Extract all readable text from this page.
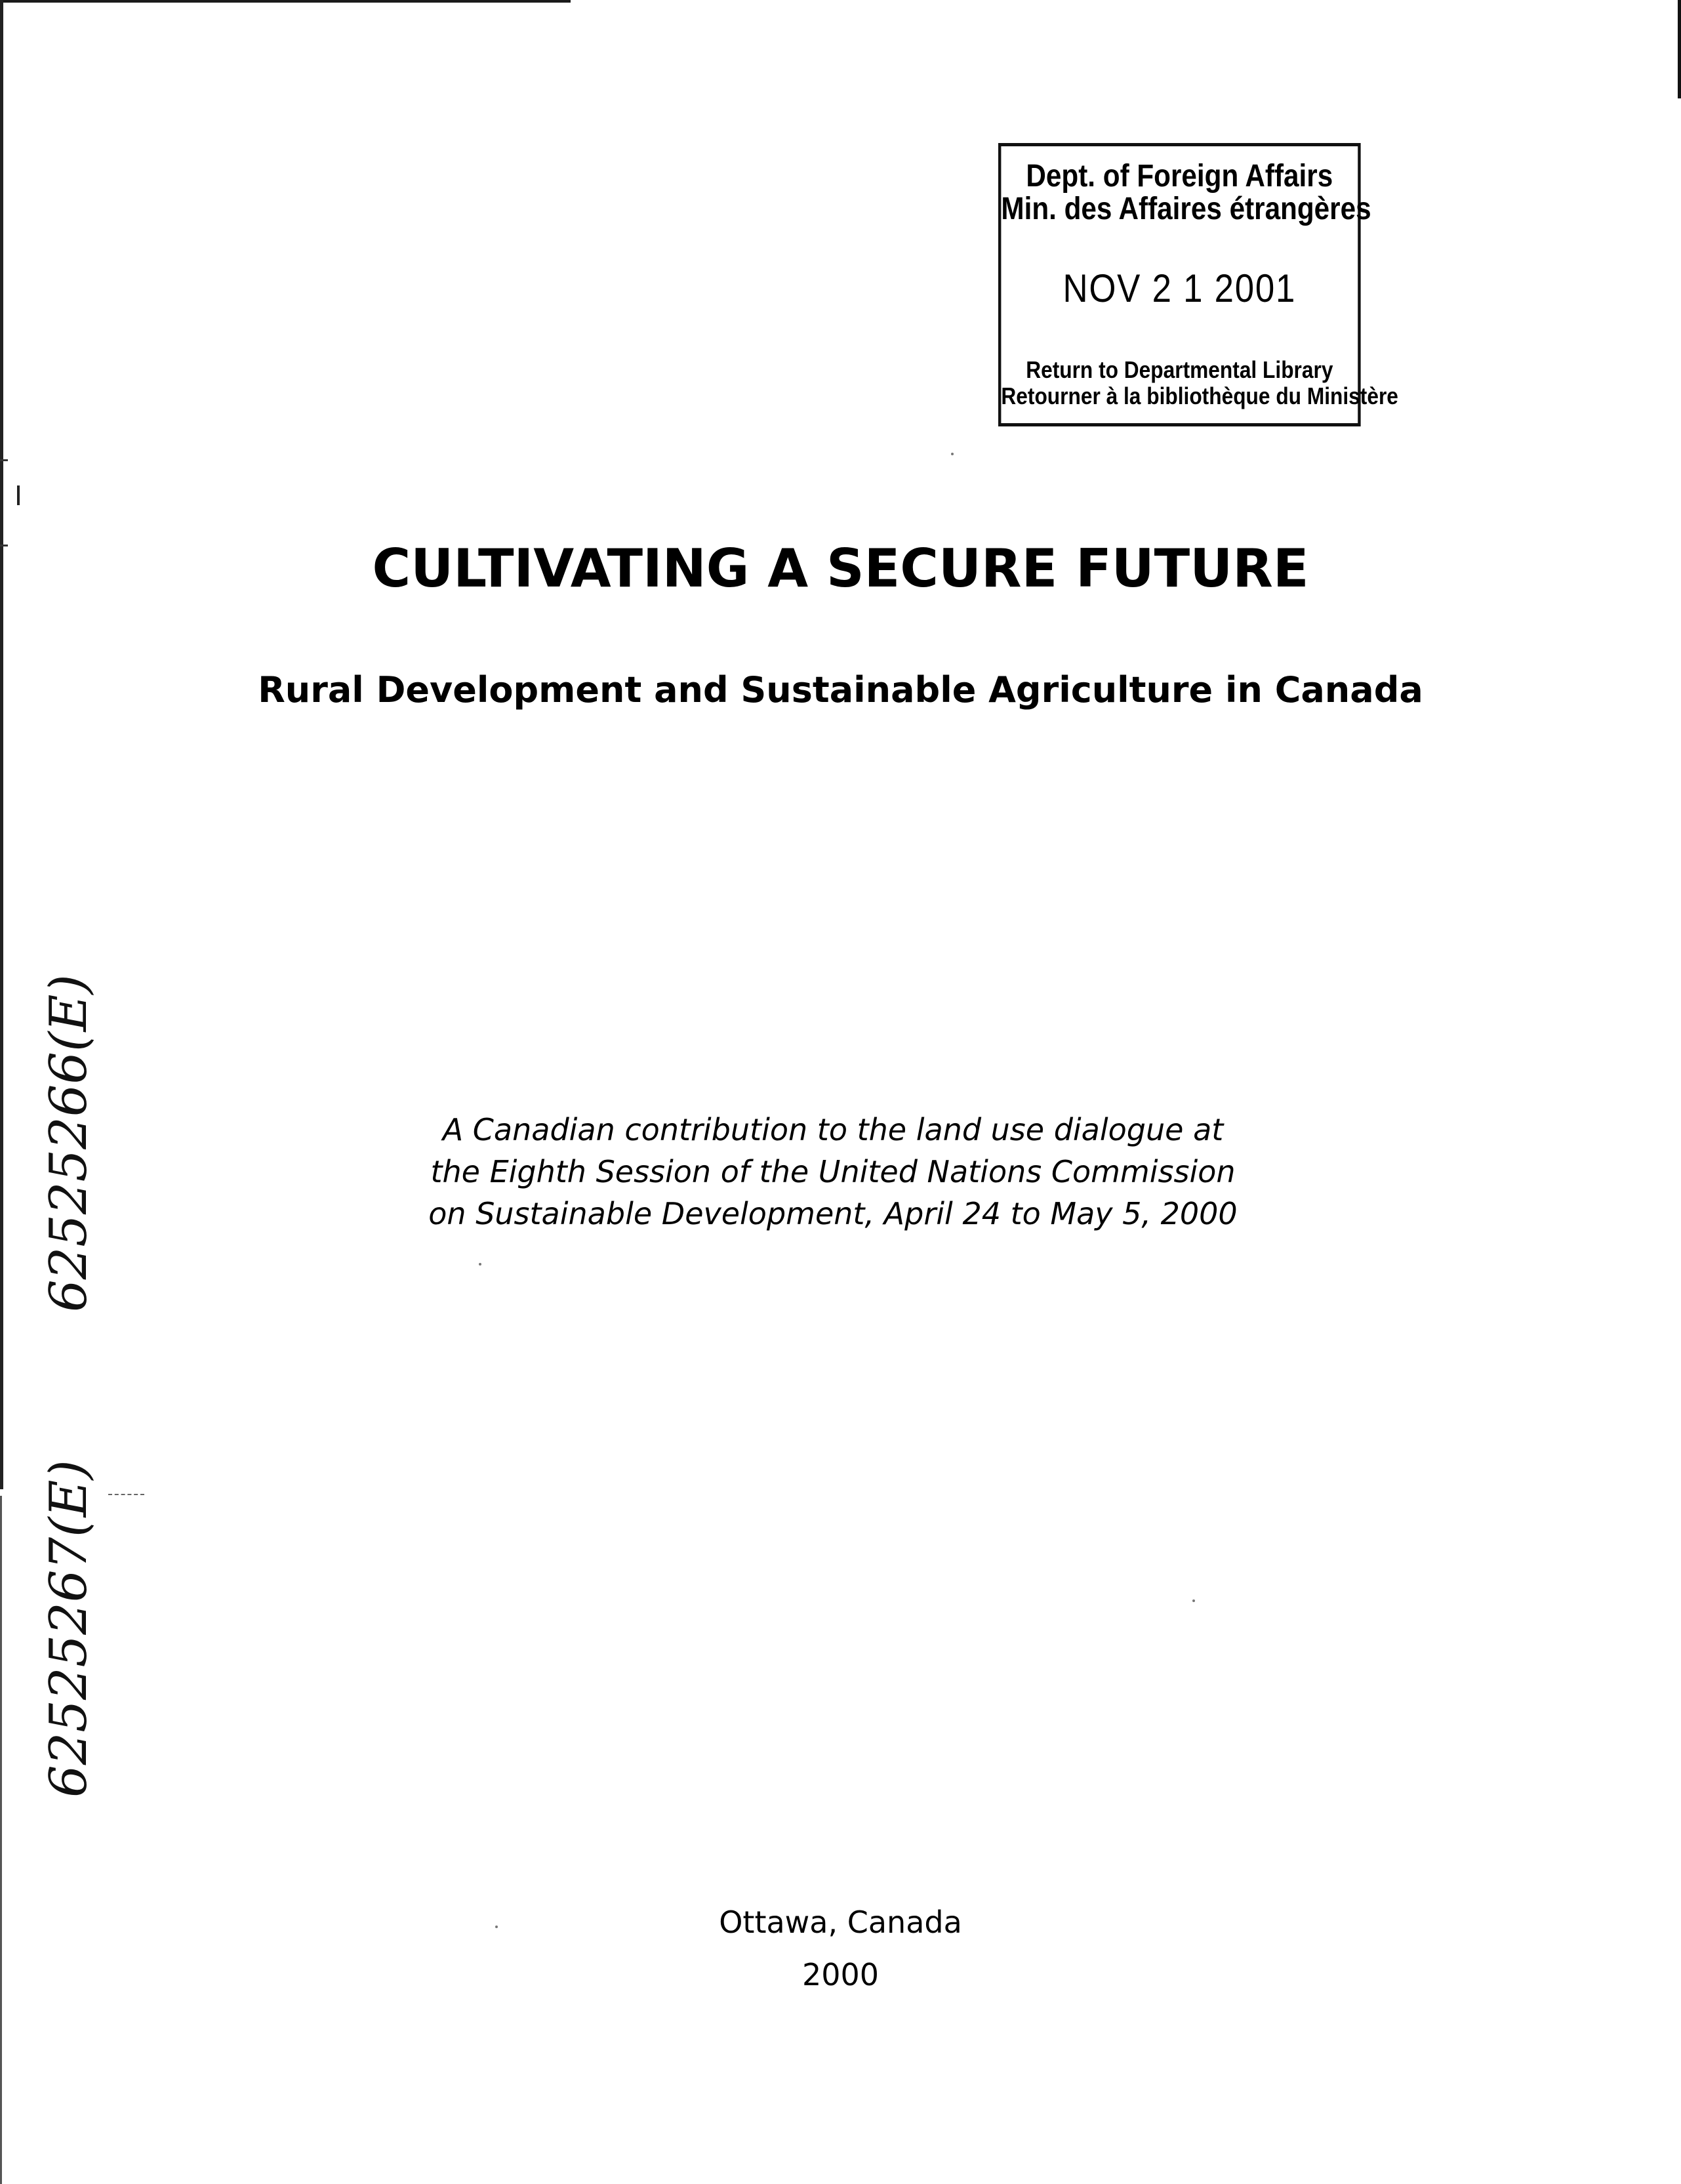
Dept. of Foreign Affairs
Min. des Affaires étrangères
NOV 2 1 2001
Return to Departmental Library
Retourner à la bibliothèque du Ministère
CULTIVATING A SECURE FUTURE
Rural Development and Sustainable Agriculture in Canada
A Canadian contribution to the land use dialogue at
the Eighth Session of the United Nations Commission
on Sustainable Development, April 24 to May 5, 2000
Ottawa, Canada
2000
62525266(E)
62525267(E)
